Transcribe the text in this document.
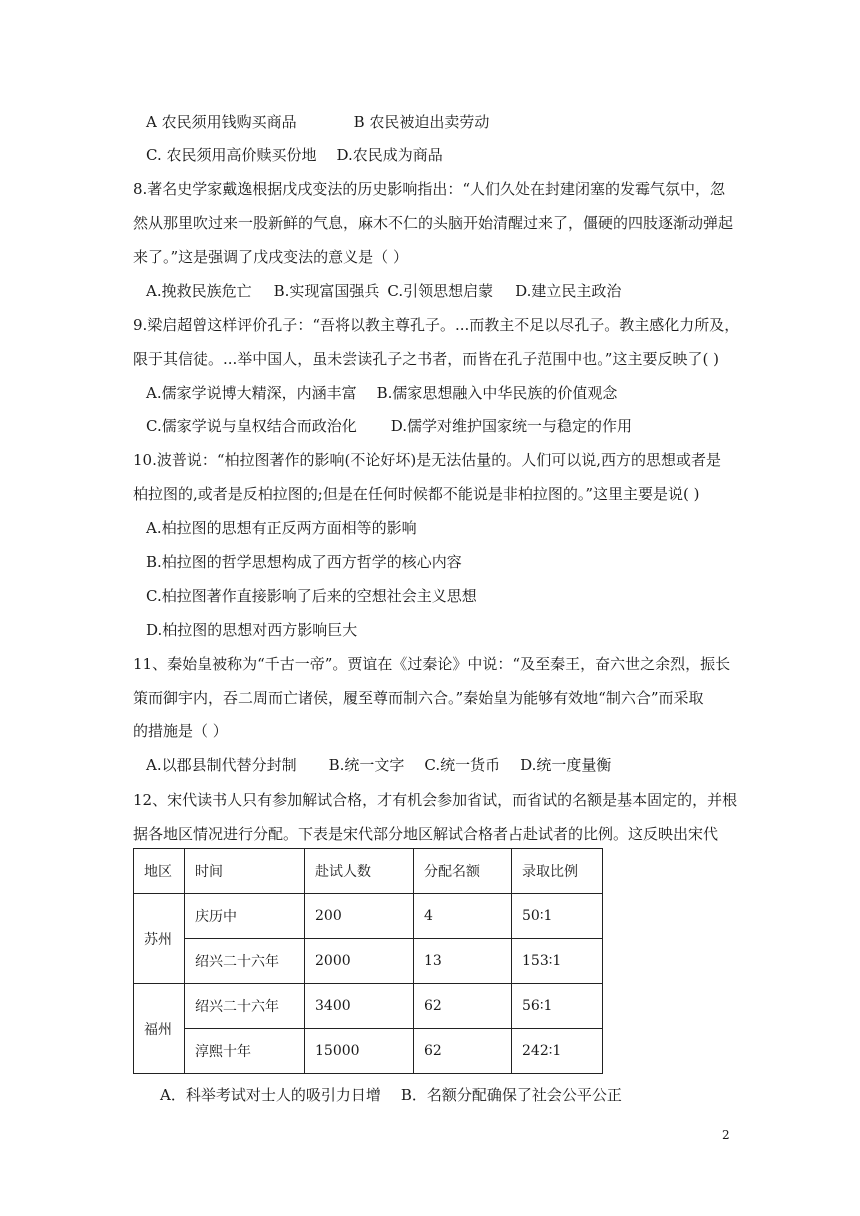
A 农民须用钱购买商品	B 农民被迫出卖劳动
C. 农民须用高价赎买份地 D.农民成为商品
8.著名史学家戴逸根据戊戌变法的历史影响指出：“人们久处在封建闭塞的发霉气氛中，忽
然从那里吹过来一股新鲜的气息，麻木不仁的头脑开始清醒过来了，僵硬的四肢逐渐动弹起
来了。”这是强调了戊戌变法的意义是（ ）
A.挽救民族危亡 B.实现富国强兵 C.引领思想启蒙 D.建立民主政治
9.梁启超曾这样评价孔子：“吾将以教主尊孔子。...而教主不足以尽孔子。教主感化力所及，
限于其信徒。...举中国人，虽未尝读孔子之书者，而皆在孔子范围中也。”这主要反映了( )
A.儒家学说博大精深，内涵丰富 B.儒家思想融入中华民族的价值观念
C.儒家学说与皇权结合而政治化 D.儒学对维护国家统一与稳定的作用
10.波普说：“柏拉图著作的影响(不论好坏)是无法估量的。人们可以说,西方的思想或者是
柏拉图的,或者是反柏拉图的;但是在任何时候都不能说是非柏拉图的。”这里主要是说( )
A.柏拉图的思想有正反两方面相等的影响
B.柏拉图的哲学思想构成了西方哲学的核心内容
C.柏拉图著作直接影响了后来的空想社会主义思想
D.柏拉图的思想对西方影响巨大
11、秦始皇被称为“千古一帝”。贾谊在《过秦论》中说：“及至秦王，奋六世之余烈，振长
策而御宇内，吞二周而亡诸侯，履至尊而制六合。”秦始皇为能够有效地“制六合”而采取
的措施是（ ）
A.以郡县制代替分封制 B.统一文字 C.统一货币 D.统一度量衡
12、宋代读书人只有参加解试合格，才有机会参加省试，而省试的名额是基本固定的，并根
据各地区情况进行分配。下表是宋代部分地区解试合格者占赴试者的比例。这反映出宋代
地区	时间	赴试人数	分配名额	录取比例
苏州	庆历中	200	4	50∶1
	绍兴二十六年	2000	13	153∶1
福州	绍兴二十六年	3400	62	56∶1
	淳熙十年	15000	62	242∶1
A．科举考试对士人的吸引力日增 B．名额分配确保了社会公平公正
2
